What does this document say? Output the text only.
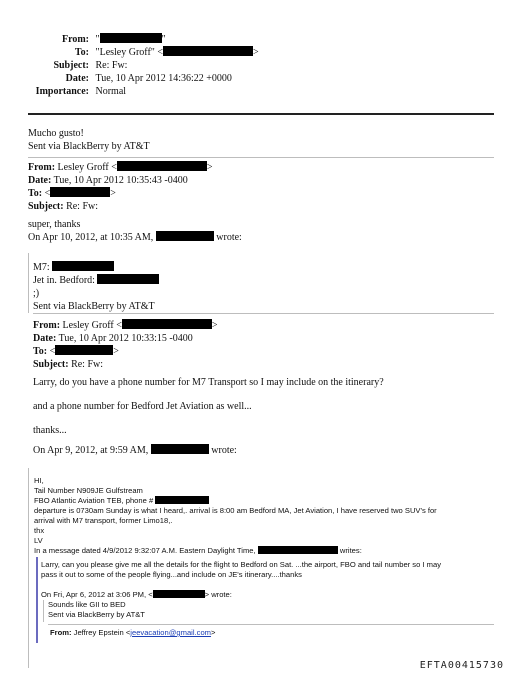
From: "	"
To: "Lesley Groff" <	>
Subject: Re: Fw:
Date: Tue, 10 Apr 2012 14:36:22 +0000
Importance: Normal
Mucho gusto!
Sent via BlackBerry by AT&T
From: Lesley Groff <	>
Date: Tue, 10 Apr 2012 10:35:43 -0400
To: <	>
Subject: Re: Fw:
super, thanks
On Apr 10, 2012, at 10:35 AM,	wrote:
M7:
Jet in. Bedford:
;)
Sent via BlackBerry by AT&T
From: Lesley Groff <	>
Date: Tue, 10 Apr 2012 10:33:15 -0400
To: <	>
Subject: Re: Fw:
Larry, do you have a phone number for M7 Transport so I may include on the itinerary?
and a phone number for Bedford Jet Aviation as well...
thanks...
On Apr 9, 2012, at 9:59 AM,	wrote:
HI,
Tail Number N909JE Gulfstream
FBO Atlantic Aviation TEB, phone #
departure is 0730am Sunday is what I heard,. arrival is 8:00 am Bedford MA, Jet Aviation, I have reserved two SUV's for
arrival with M7 transport, former Limo18,.
thx
LV
In a message dated 4/9/2012 9:32:07 A.M. Eastern Daylight Time,	writes:
Larry, can you please give me all the details for the flight to Bedford on Sat. ...the airport, FBO and tail number so I may
pass it out to some of the people flying...and include on JE's itinerary....thanks
On Fri, Apr 6, 2012 at 3:06 PM, <	> wrote:
Sounds like GII to BED
Sent via BlackBerry by AT&T
From: Jeffrey Epstein <jeevacation@gmail.com>
EFTA00415730
